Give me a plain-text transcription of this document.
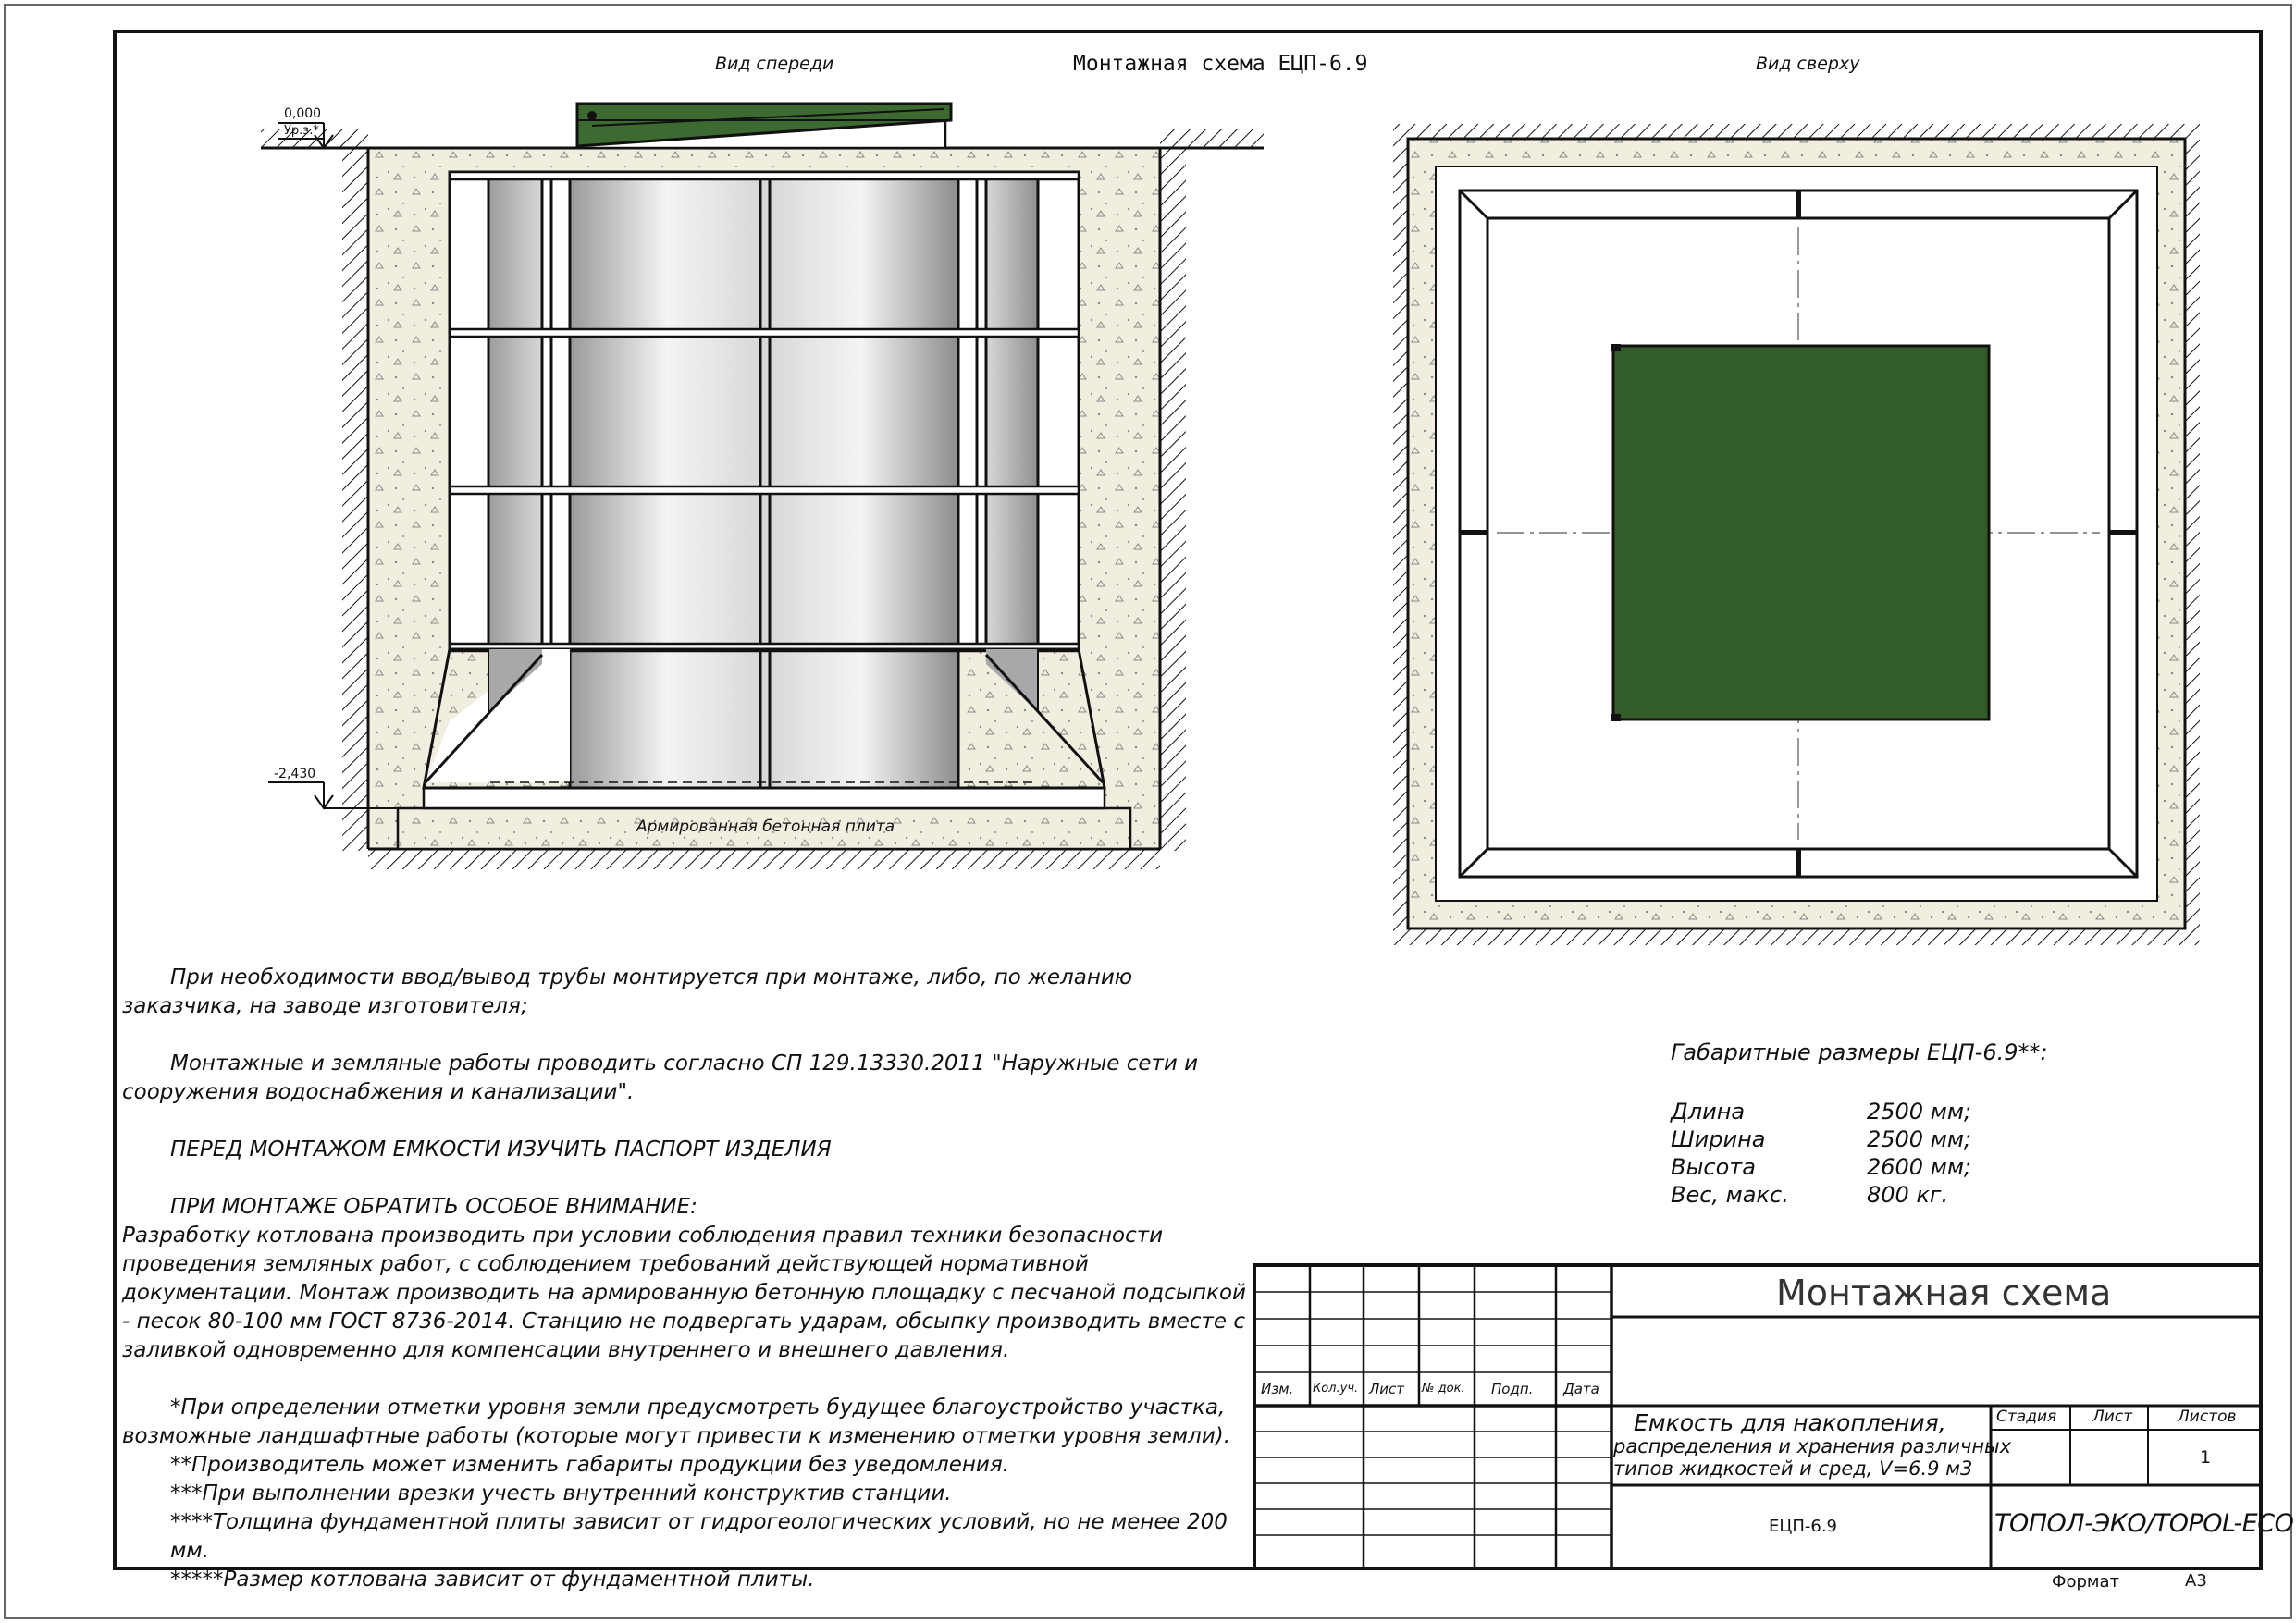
Вид спереди	Монтажная схема ЕЦП-6.9	Вид сверху
0,000
Ур.з.*
-2,430
Армированная бетонная плита

При необходимости ввод/вывод трубы монтируется при монтаже, либо, по желанию заказчика, на заводе изготовителя;

Монтажные и земляные работы проводить согласно СП 129.13330.2011 "Наружные сети и сооружения водоснабжения и канализации".

ПЕРЕД МОНТАЖОМ ЕМКОСТИ ИЗУЧИТЬ ПАСПОРТ ИЗДЕЛИЯ

ПРИ МОНТАЖЕ ОБРАТИТЬ ОСОБОЕ ВНИМАНИЕ:

Разработку котлована производить при условии соблюдения правил техники безопасности проведения земляных работ, с соблюдением требований действующей нормативной документации. Монтаж производить на армированную бетонную площадку с песчаной подсыпкой - песок 80-100 мм ГОСТ 8736-2014. Станцию не подвергать ударам, обсыпку производить вместе с заливкой одновременно для компенсации внутреннего и внешнего давления.

*При определении отметки уровня земли предусмотреть будущее благоустройство участка, возможные ландшафтные работы (которые могут привести к изменению отметки уровня земли).

**Производитель может изменить габариты продукции без уведомления.

***При выполнении врезки учесть внутренний конструктив станции.

****Толщина фундаментной плиты зависит от гидрогеологических условий, но не менее 200 мм.

*****Размер котлована зависит от фундаментной плиты.

Габаритные размеры ЕЦП-6.9**:
Длина	2500 мм;
Ширина	2500 мм;
Высота	2600 мм;
Вес, макс.	800 кг.
Изм. Кол.уч. Лист № док. Подп. Дата
Монтажная схема
Емкость для накопления,
распределения и хранения различных
типов жидкостей и сред, V=6.9 м3
Стадия Лист	Листов
1
ЕЦП-6.9	ТОПОЛ-ЭКО/TOPOL-ECO
Формат	А3
